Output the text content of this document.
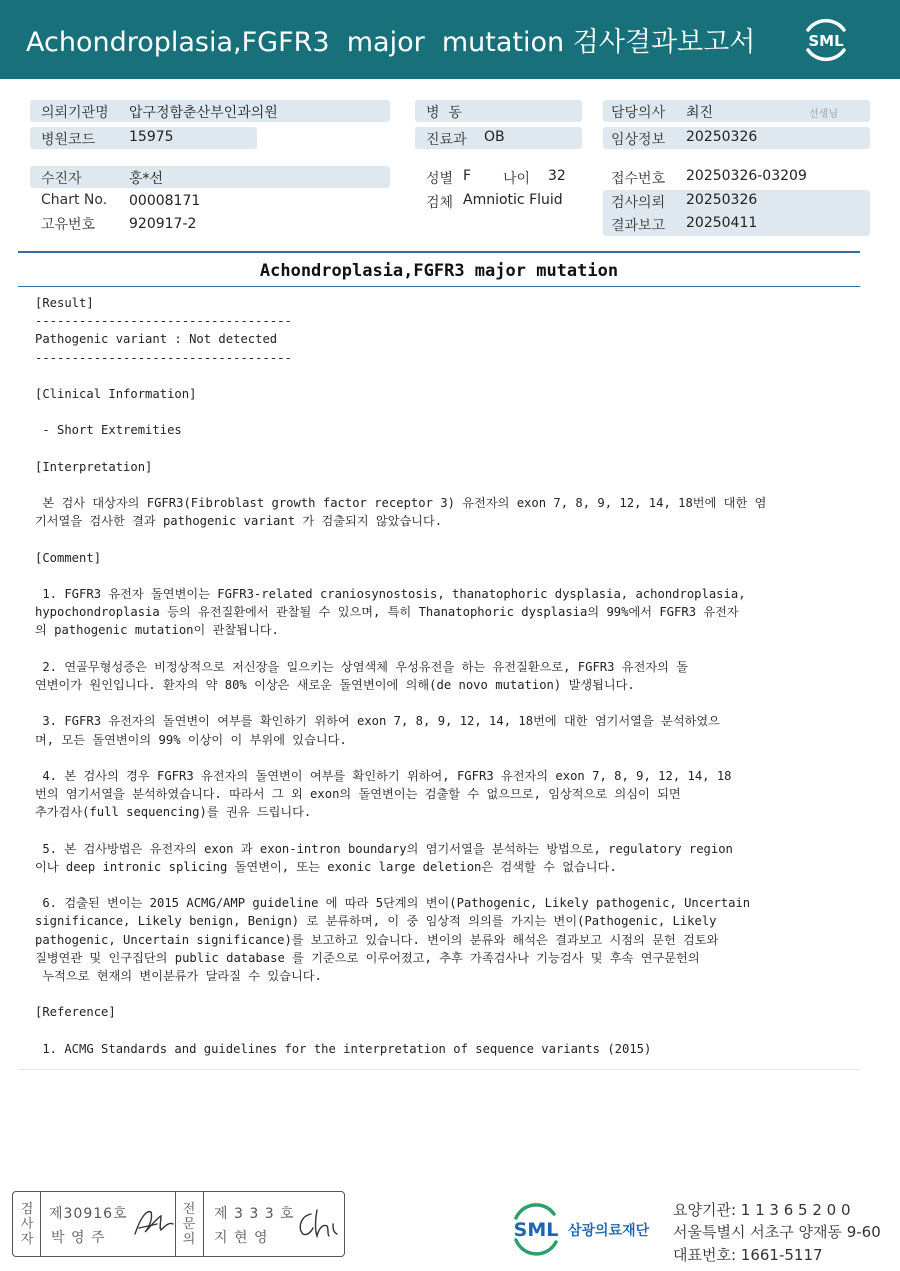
Achondroplasia,FGFR3  major  mutation 검사결과보고서	SML
의뢰기관명 압구정함춘산부인과의원
병원코드 15975
병  동
진료과 OB
담당의사 최진	선생님
임상정보 20250326
수진자	홍*선
Chart No. 00008171
고유번호 920917-2
성별 F 나이 32
검체 Amniotic Fluid
접수번호 20250326-03209
검사의뢰 20250326
결과보고 20250411
Achondroplasia,FGFR3 major mutation
[Result]
-----------------------------------
Pathogenic variant : Not detected
-----------------------------------
[Clinical Information]
- Short Extremities
[Interpretation]
본 검사 대상자의 FGFR3(Fibroblast growth factor receptor 3) 유전자의 exon 7, 8, 9, 12, 14, 18번에 대한 염
기서열을 검사한 결과 pathogenic variant 가 검출되지 않았습니다.
[Comment]
1. FGFR3 유전자 돌연변이는 FGFR3-related craniosynostosis, thanatophoric dysplasia, achondroplasia,
hypochondroplasia 등의 유전질환에서 관찰될 수 있으며, 특히 Thanatophoric dysplasia의 99%에서 FGFR3 유전자
의 pathogenic mutation이 관찰됩니다.
2. 연골무형성증은 비정상적으로 저신장을 일으키는 상염색체 우성유전을 하는 유전질환으로, FGFR3 유전자의 돌
연변이가 원인입니다. 환자의 약 80% 이상은 새로운 돌연변이에 의해(de novo mutation) 발생됩니다.
3. FGFR3 유전자의 돌연변이 여부를 확인하기 위하여 exon 7, 8, 9, 12, 14, 18번에 대한 염기서열을 분석하였으
며, 모든 돌연변이의 99% 이상이 이 부위에 있습니다.
4. 본 검사의 경우 FGFR3 유전자의 돌연변이 여부를 확인하기 위하여, FGFR3 유전자의 exon 7, 8, 9, 12, 14, 18
번의 염기서열을 분석하였습니다. 따라서 그 외 exon의 돌연변이는 검출할 수 없으므로, 임상적으로 의심이 되면
추가검사(full sequencing)를 권유 드립니다.
5. 본 검사방법은 유전자의 exon 과 exon-intron boundary의 염기서열을 분석하는 방법으로, regulatory region
이나 deep intronic splicing 돌연변이, 또는 exonic large deletion은 검색할 수 없습니다.
6. 검출된 변이는 2015 ACMG/AMP guideline 에 따라 5단계의 변이(Pathogenic, Likely pathogenic, Uncertain
significance, Likely benign, Benign) 로 분류하며, 이 중 임상적 의의를 가지는 변이(Pathogenic, Likely
pathogenic, Uncertain significance)를 보고하고 있습니다. 변이의 분류와 해석은 결과보고 시점의 문헌 검토와
질병연관 및 인구집단의 public database 를 기준으로 이루어졌고, 추후 가족검사나 기능검사 및 후속 연구문헌의
누적으로 현재의 변이분류가 달라질 수 있습니다.
[Reference]
1. ACMG Standards and guidelines for the interpretation of sequence variants (2015)
검
사
자
제30916호
박 영 주
전
문
의
제 3 3 3 호
지 현 영	SML 삼광의료재단
요양기관: 1 1 3 6 5 2 0 0
서울특별시 서초구 양재동 9-60
대표번호: 1661-5117
